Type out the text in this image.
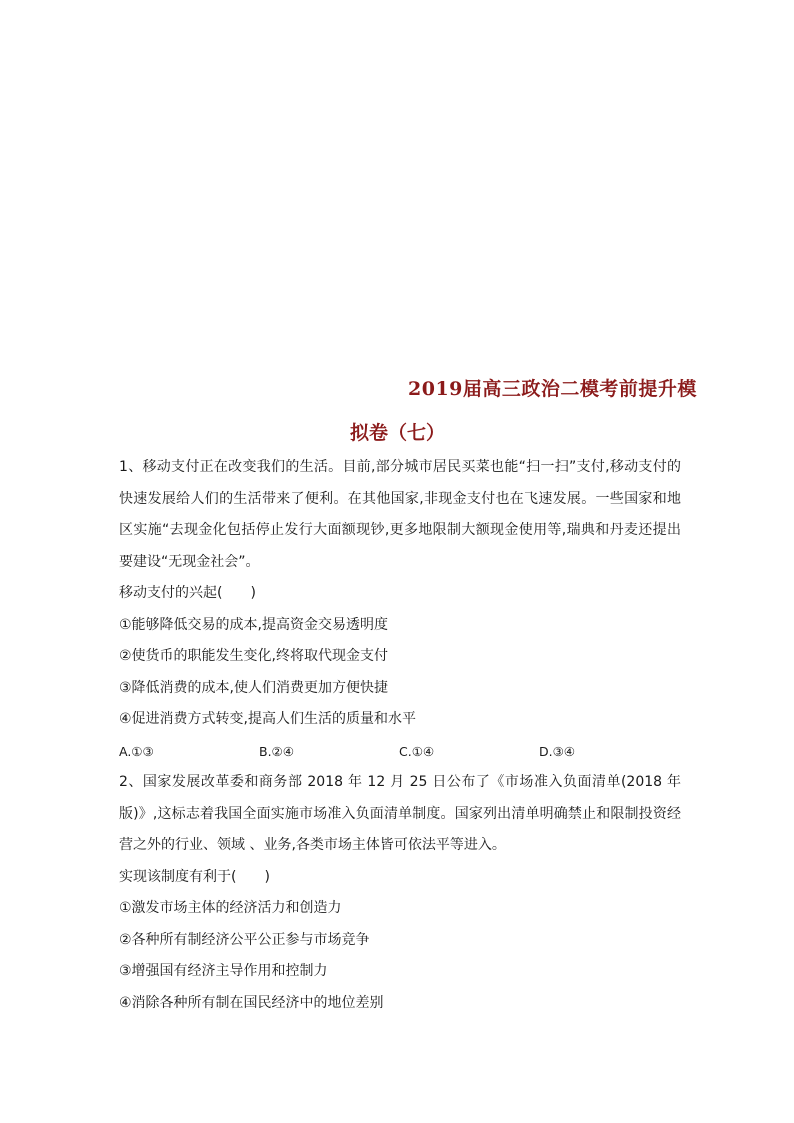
2019届高三政治二模考前提升模
拟卷（七）

1、移动支付正在改变我们的生活。目前,部分城市居民买菜也能“扫一扫”支付,移动支付的快速发展给人们的生活带来了便利。在其他国家,非现金支付也在飞速发展。一些国家和地区实施“去现金化包括停止发行大面额现钞,更多地限制大额现金使用等,瑞典和丹麦还提出要建设“无现金社会”。

移动支付的兴起(　　)

①能够降低交易的成本,提高资金交易透明度

②使货币的职能发生变化,终将取代现金支付

③降低消费的成本,使人们消费更加方便快捷

④促进消费方式转变,提高人们生活的质量和水平

A.①③	B.②④	C.①④	D.③④

2、国家发展改革委和商务部 2018 年 12 月 25 日公布了《市场准入负面清单(2018 年版)》,这标志着我国全面实施市场准入负面清单制度。国家列出清单明确禁止和限制投资经营之外的行业、领域 、业务,各类市场主体皆可依法平等进入。

实现该制度有利于(　　)

①激发市场主体的经济活力和创造力

②各种所有制经济公平公正参与市场竞争

③增强国有经济主导作用和控制力

④消除各种所有制在国民经济中的地位差别
